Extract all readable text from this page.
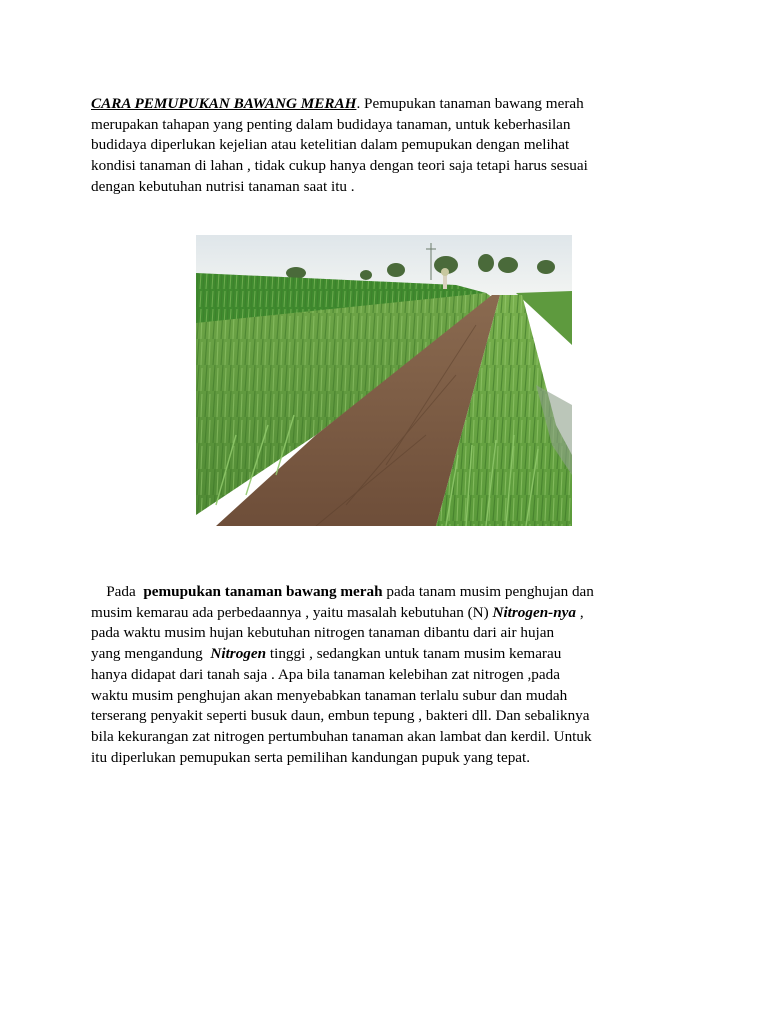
CARA PEMUPUKAN BAWANG MERAH. Pemupukan tanaman bawang merah
merupakan tahapan yang penting dalam budidaya tanaman, untuk keberhasilan
budidaya diperlukan kejelian atau ketelitian dalam pemupukan dengan melihat
kondisi tanaman di lahan , tidak cukup hanya dengan teori saja tetapi harus sesuai
dengan kebutuhan nutrisi tanaman saat itu .

Pada  pemupukan tanaman bawang merah pada tanam musim penghujan dan
musim kemarau ada perbedaannya , yaitu masalah kebutuhan (N) Nitrogen-nya ,
pada waktu musim hujan kebutuhan nitrogen tanaman dibantu dari air hujan
yang mengandung  Nitrogen tinggi , sedangkan untuk tanam musim kemarau
hanya didapat dari tanah saja . Apa bila tanaman kelebihan zat nitrogen ,pada
waktu musim penghujan akan menyebabkan tanaman terlalu subur dan mudah
terserang penyakit seperti busuk daun, embun tepung , bakteri dll. Dan sebaliknya
bila kekurangan zat nitrogen pertumbuhan tanaman akan lambat dan kerdil. Untuk
itu diperlukan pemupukan serta pemilihan kandungan pupuk yang tepat.
